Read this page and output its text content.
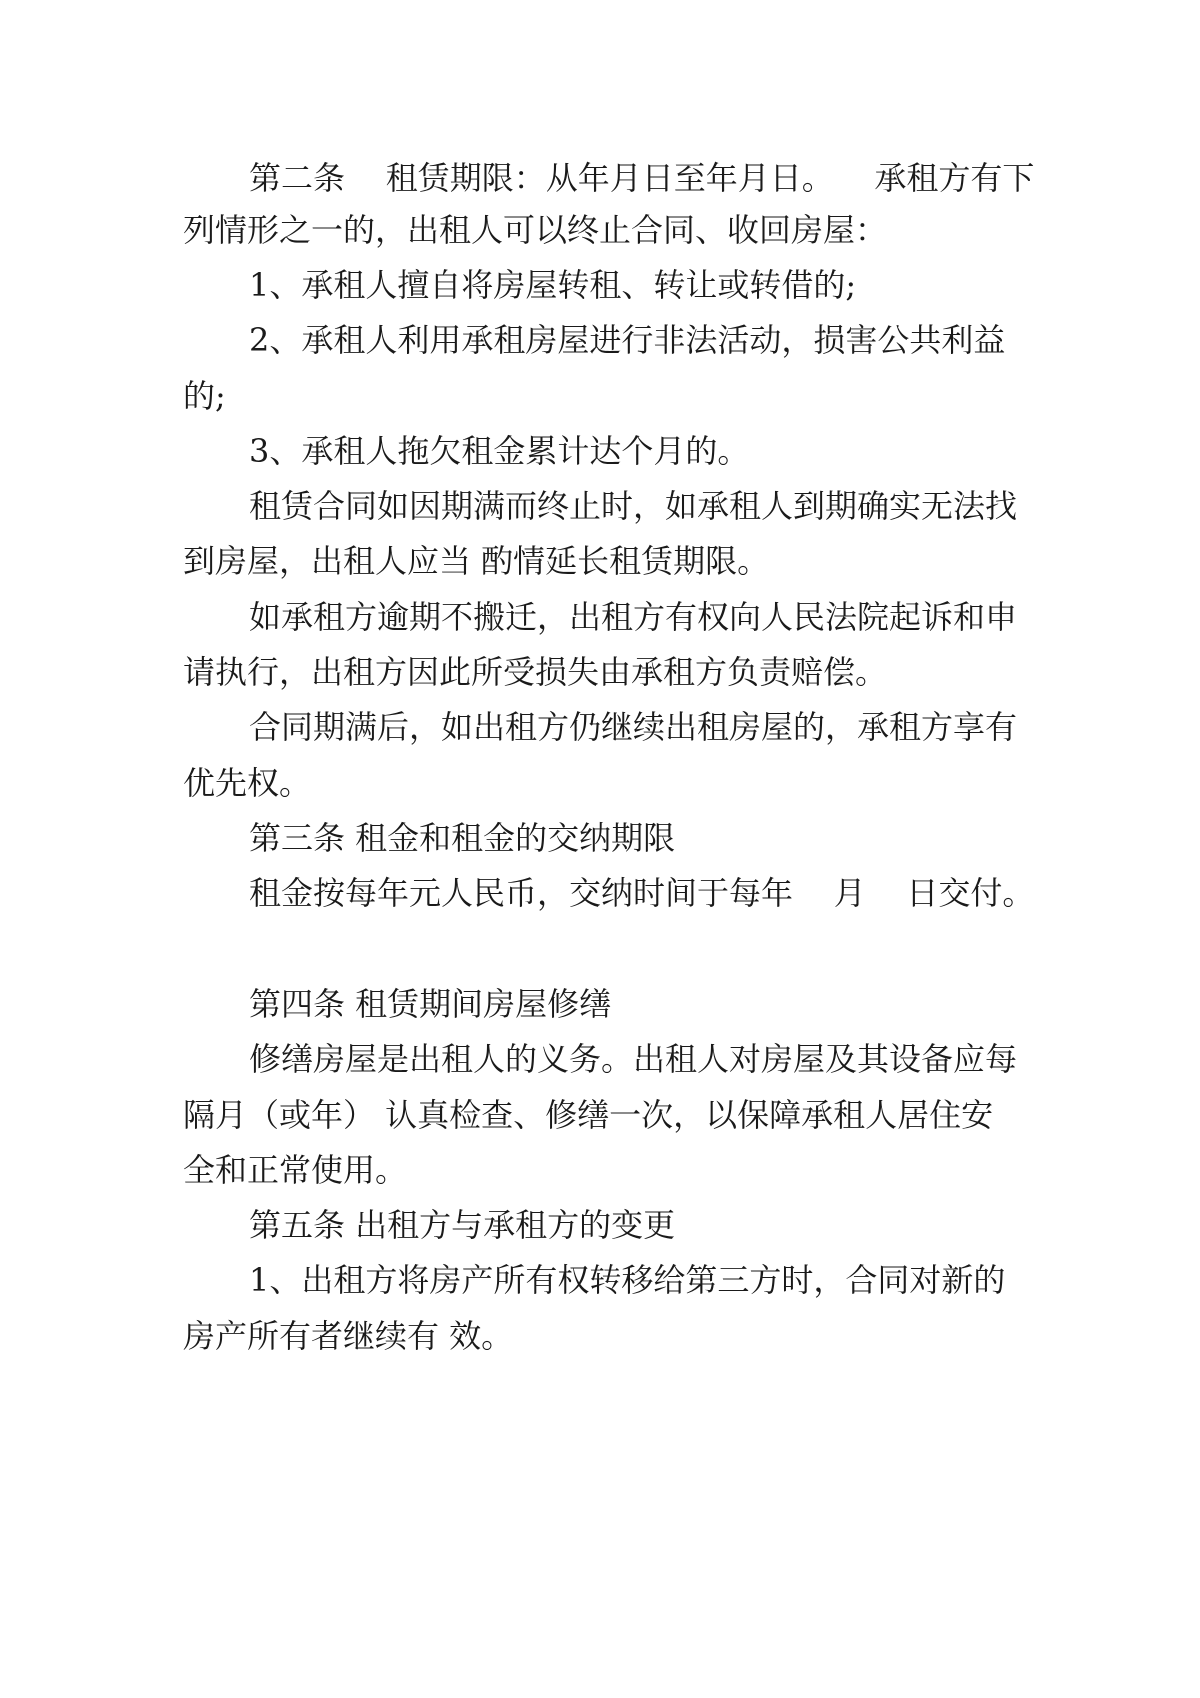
第二条    租赁期限：从年月日至年月日。    承租方有下

列情形之一的，出租人可以终止合同、收回房屋：

1、承租人擅自将房屋转租、转让或转借的;

2、承租人利用承租房屋进行非法活动，损害公共利益

的;

3、承租人拖欠租金累计达个月的。

租赁合同如因期满而终止时，如承租人到期确实无法找

到房屋，出租人应当 酌情延长租赁期限。

如承租方逾期不搬迁，出租方有权向人民法院起诉和申

请执行，出租方因此所受损失由承租方负责赔偿。

合同期满后，如出租方仍继续出租房屋的，承租方享有

优先权。

第三条 租金和租金的交纳期限

租金按每年元人民币，交纳时间于每年    月    日交付。

第四条 租赁期间房屋修缮

修缮房屋是出租人的义务。出租人对房屋及其设备应每

隔月（或年） 认真检查、修缮一次，以保障承租人居住安

全和正常使用。

第五条 出租方与承租方的变更

1、出租方将房产所有权转移给第三方时，合同对新的

房产所有者继续有 效。
